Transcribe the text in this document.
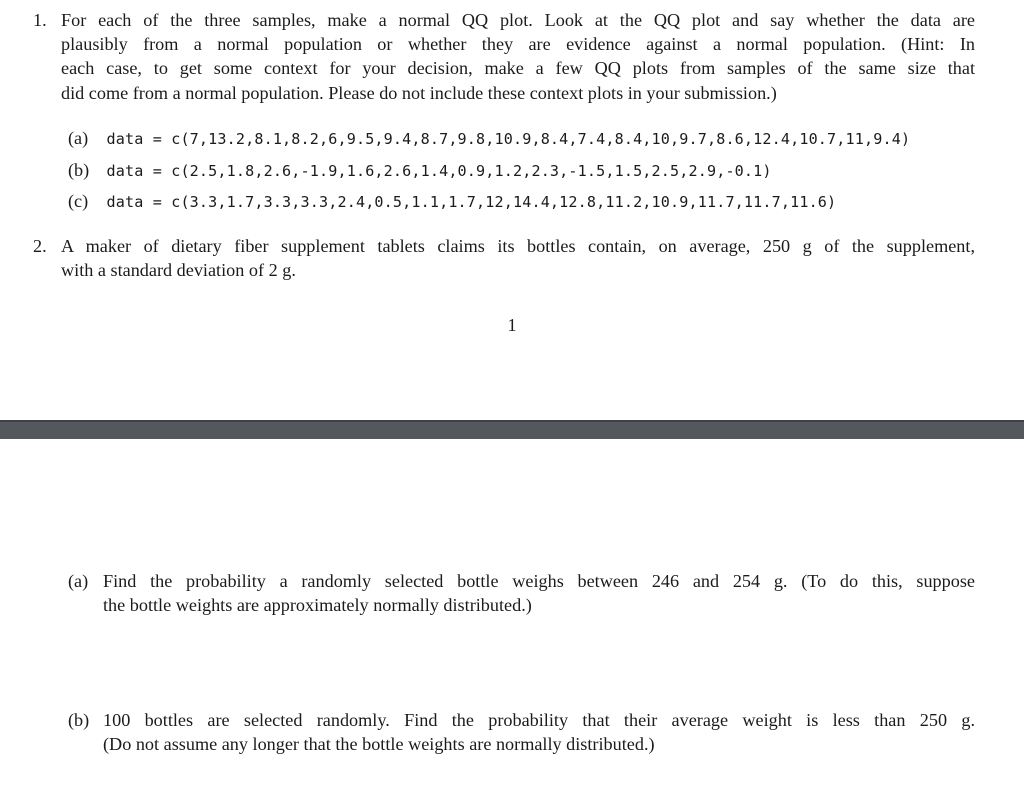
1. For each of the three samples, make a normal QQ plot. Look at the QQ plot and say whether the data are
plausibly from a normal population or whether they are evidence against a normal population. (Hint: In
each case, to get some context for your decision, make a few QQ plots from samples of the same size that
did come from a normal population. Please do not include these context plots in your submission.)
(a) data = c(7,13.2,8.1,8.2,6,9.5,9.4,8.7,9.8,10.9,8.4,7.4,8.4,10,9.7,8.6,12.4,10.7,11,9.4)
(b) data = c(2.5,1.8,2.6,-1.9,1.6,2.6,1.4,0.9,1.2,2.3,-1.5,1.5,2.5,2.9,-0.1)
(c) data = c(3.3,1.7,3.3,3.3,2.4,0.5,1.1,1.7,12,14.4,12.8,11.2,10.9,11.7,11.7,11.6)
2. A maker of dietary fiber supplement tablets claims its bottles contain, on average, 250 g of the supplement,
with a standard deviation of 2 g.
1
(a) Find the probability a randomly selected bottle weighs between 246 and 254 g. (To do this, suppose
the bottle weights are approximately normally distributed.)
(b) 100 bottles are selected randomly. Find the probability that their average weight is less than 250 g.
(Do not assume any longer that the bottle weights are normally distributed.)
